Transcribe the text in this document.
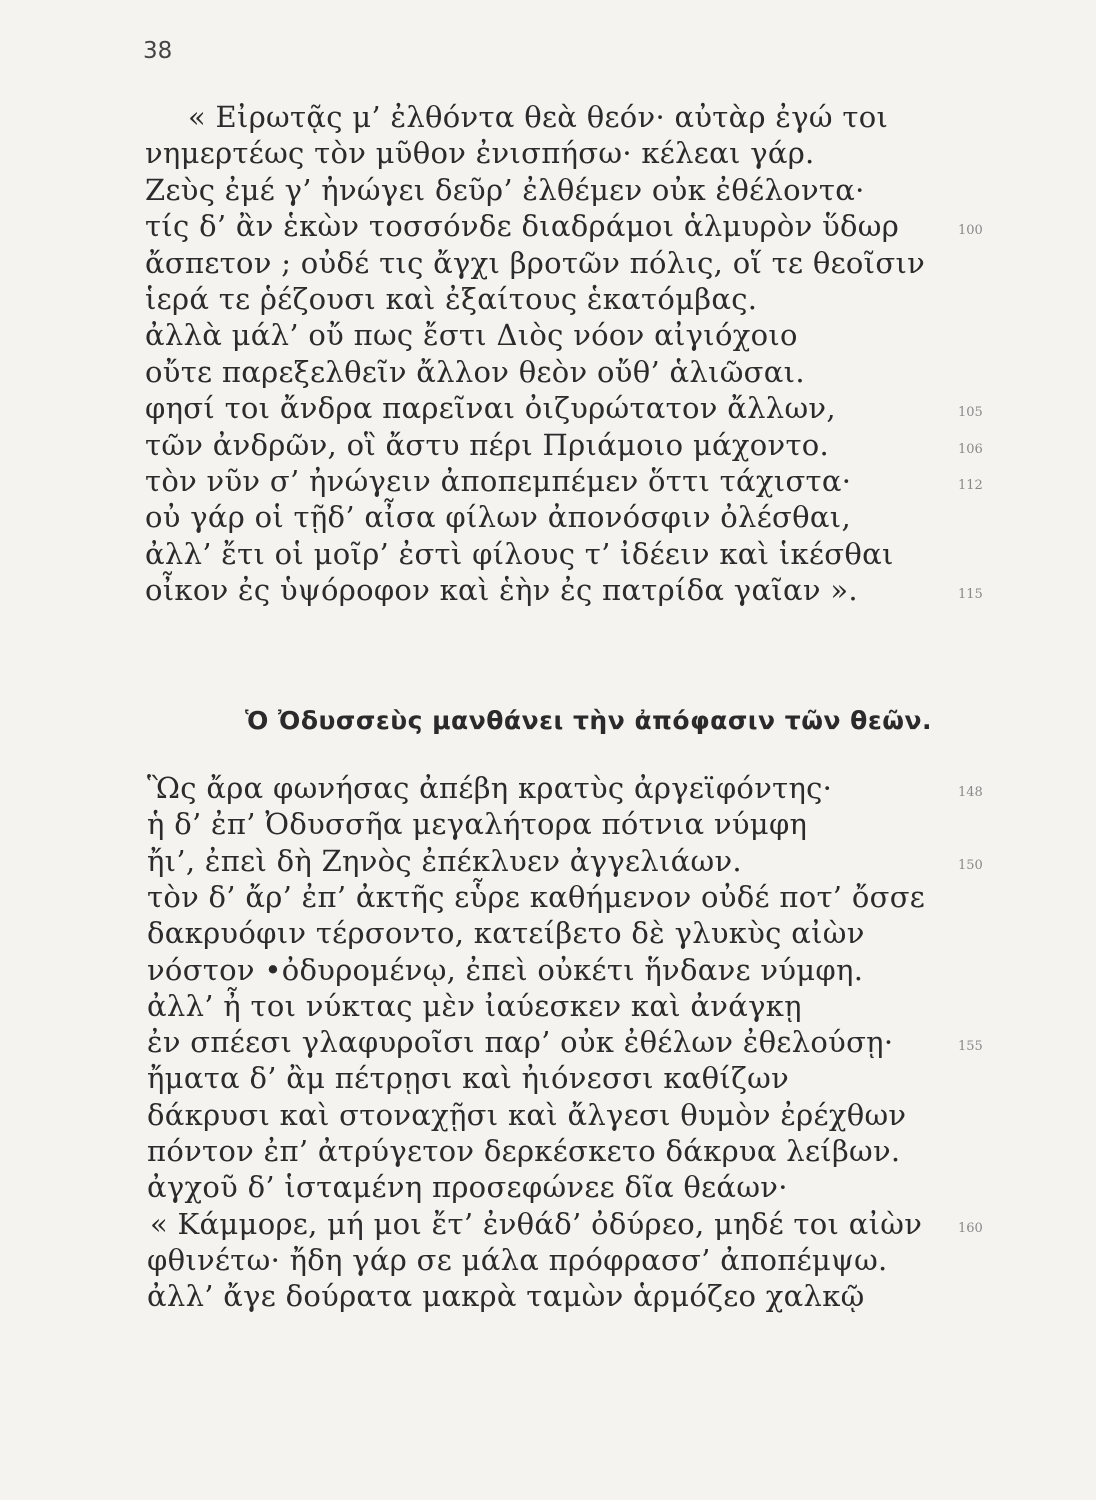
38
« Εἰρωτᾷς μ’ ἐλθόντα θεὰ θεόν· αὐτὰρ ἐγώ τοι
νημερτέως τὸν μῦθον ἐνισπήσω· κέλεαι γάρ.
Ζεὺς ἐμέ γ’ ἠνώγει δεῦρ’ ἐλθέμεν οὐκ ἐθέλοντα·
τίς δ’ ἂν ἑκὼν τοσσόνδε διαδράμοι ἁλμυρὸν ὕδωρ	100
ἄσπετον ; οὐδέ τις ἄγχι βροτῶν πόλις, οἵ τε θεοῖσιν
ἱερά τε ῥέζουσι καὶ ἐξαίτους ἑκατόμβας.
ἀλλὰ μάλ’ οὔ πως ἔστι Διὸς νόον αἰγιόχοιο
οὔτε παρεξελθεῖν ἄλλον θεὸν οὔθ’ ἁλιῶσαι.
φησί τοι ἄνδρα παρεῖναι ὀιζυρώτατον ἄλλων,	105
τῶν ἀνδρῶν, οἳ ἄστυ πέρι Πριάμοιο μάχοντο.	106
τὸν νῦν σ’ ἠνώγειν ἀποπεμπέμεν ὅττι τάχιστα·	112
οὐ γάρ οἱ τῇδ’ αἶσα φίλων ἀπονόσφιν ὀλέσθαι,
ἀλλ’ ἔτι οἱ μοῖρ’ ἐστὶ φίλους τ’ ἰδέειν καὶ ἱκέσθαι
οἶκον ἐς ὑψόροφον καὶ ἑὴν ἐς πατρίδα γαῖαν ».	115
Ὁ Ὀδυσσεὺς μανθάνει τὴν ἀπόφασιν τῶν θεῶν.
Ὣς ἄρα φωνήσας ἀπέβη κρατὺς ἀργεϊφόντης·	148
ἡ δ’ ἐπ’ Ὀδυσσῆα μεγαλήτορα πότνια νύμφη
ἤι’, ἐπεὶ δὴ Ζηνὸς ἐπέκλυεν ἀγγελιάων.	150
τὸν δ’ ἄρ’ ἐπ’ ἀκτῆς εὗρε καθήμενον οὐδέ ποτ’ ὄσσε
δακρυόφιν τέρσοντο, κατείβετο δὲ γλυκὺς αἰὼν
νόστον •ὀδυρομένῳ, ἐπεὶ οὐκέτι ἥνδανε νύμφη.
ἀλλ’ ἦ τοι νύκτας μὲν ἰαύεσκεν καὶ ἀνάγκῃ
ἐν σπέεσι γλαφυροῖσι παρ’ οὐκ ἐθέλων ἐθελούσῃ·	155
ἤματα δ’ ἂμ πέτρῃσι καὶ ἠιόνεσσι καθίζων
δάκρυσι καὶ στοναχῇσι καὶ ἄλγεσι θυμὸν ἐρέχθων
πόντον ἐπ’ ἀτρύγετον δερκέσκετο δάκρυα λείβων.
ἀγχοῦ δ’ ἱσταμένη προσεφώνεε δῖα θεάων·
« Κάμμορε, μή μοι ἔτ’ ἐνθάδ’ ὀδύρεο, μηδέ τοι αἰὼν	160
φθινέτω· ἤδη γάρ σε μάλα πρόφρασσ’ ἀποπέμψω.
ἀλλ’ ἄγε δούρατα μακρὰ ταμὼν ἁρμόζεο χαλκῷ
